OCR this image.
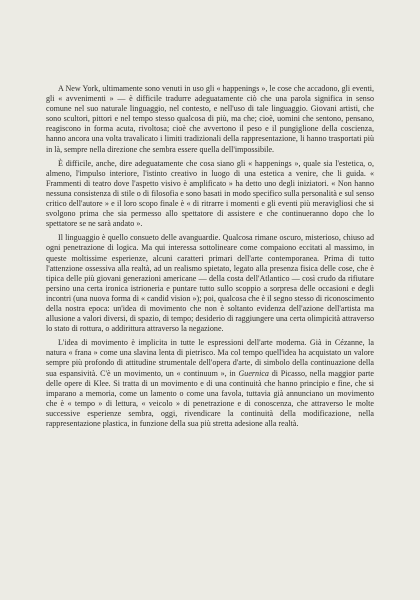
A New York, ultimamente sono venuti in uso gli « happenings », le cose che accadono, gli eventi, gli « avvenimenti » — è difficile tradurre adeguatamente ciò che una parola significa in senso comune nel suo naturale linguaggio, nel contesto, e nell'uso di tale linguaggio. Giovani artisti, che sono scultori, pittori e nel tempo stesso qualcosa di più, ma che; cioè, uomini che sentono, pensano, reagiscono in forma acuta, rivoltosa; cioè che avvertono il peso e il pungiglione della coscienza, hanno ancora una volta travalicato i limiti tradizionali della rappresentazione, li hanno trasportati più in là, sempre nella direzione che sembra essere quella dell'impossibile.

È difficile, anche, dire adeguatamente che cosa siano gli « happenings », quale sia l'estetica, o, almeno, l'impulso interiore, l'istinto creativo in luogo di una estetica a venire, che li guida. « Frammenti di teatro dove l'aspetto visivo è amplificato » ha detto uno degli iniziatori. « Non hanno nessuna consistenza di stile o di filosofia e sono basati in modo specifico sulla personalità e sul senso critico dell'autore » e il loro scopo finale è « di ritrarre i momenti e gli eventi più meravigliosi che si svolgono prima che sia permesso allo spettatore di assistere e che continueranno dopo che lo spettatore se ne sarà andato ».

Il linguaggio è quello consueto delle avanguardie. Qualcosa rimane oscuro, misterioso, chiuso ad ogni penetrazione di logica. Ma qui interessa sottolineare come compaiono eccitati al massimo, in queste moltissime esperienze, alcuni caratteri primari dell'arte contemporanea. Prima di tutto l'attenzione ossessiva alla realtà, ad un realismo spietato, legato alla presenza fisica delle cose, che è tipica delle più giovani generazioni americane — della costa dell'Atlantico — così crudo da rifiutare persino una certa ironica istrioneria e puntare tutto sullo scoppio a sorpresa delle occasioni e degli incontri (una nuova forma di « candid vision »); poi, qualcosa che è il segno stesso di riconoscimento della nostra epoca: un'idea di movimento che non è soltanto evidenza dell'azione dell'artista ma allusione a valori diversi, di spazio, di tempo; desiderio di raggiungere una certa olimpicità attraverso lo stato di rottura, o addirittura attraverso la negazione.

L'idea di movimento è implicita in tutte le espressioni dell'arte moderna. Già in Cézanne, la natura « frana » come una slavina lenta di pietrisco. Ma col tempo quell'idea ha acquistato un valore sempre più profondo di attitudine strumentale dell'opera d'arte, di simbolo della continuazione della sua espansività. C'è un movimento, un « continuum », in Guernica di Picasso, nella maggior parte delle opere di Klee. Si tratta di un movimento e di una continuità che hanno principio e fine, che si imparano a memoria, come un lamento o come una favola, tuttavia già annunciano un movimento che è « tempo » di lettura, « veicolo » di penetrazione e di conoscenza, che attraverso le molte successive esperienze sembra, oggi, rivendicare la continuità della modificazione, nella rappresentazione plastica, in funzione della sua più stretta adesione alla realtà.
